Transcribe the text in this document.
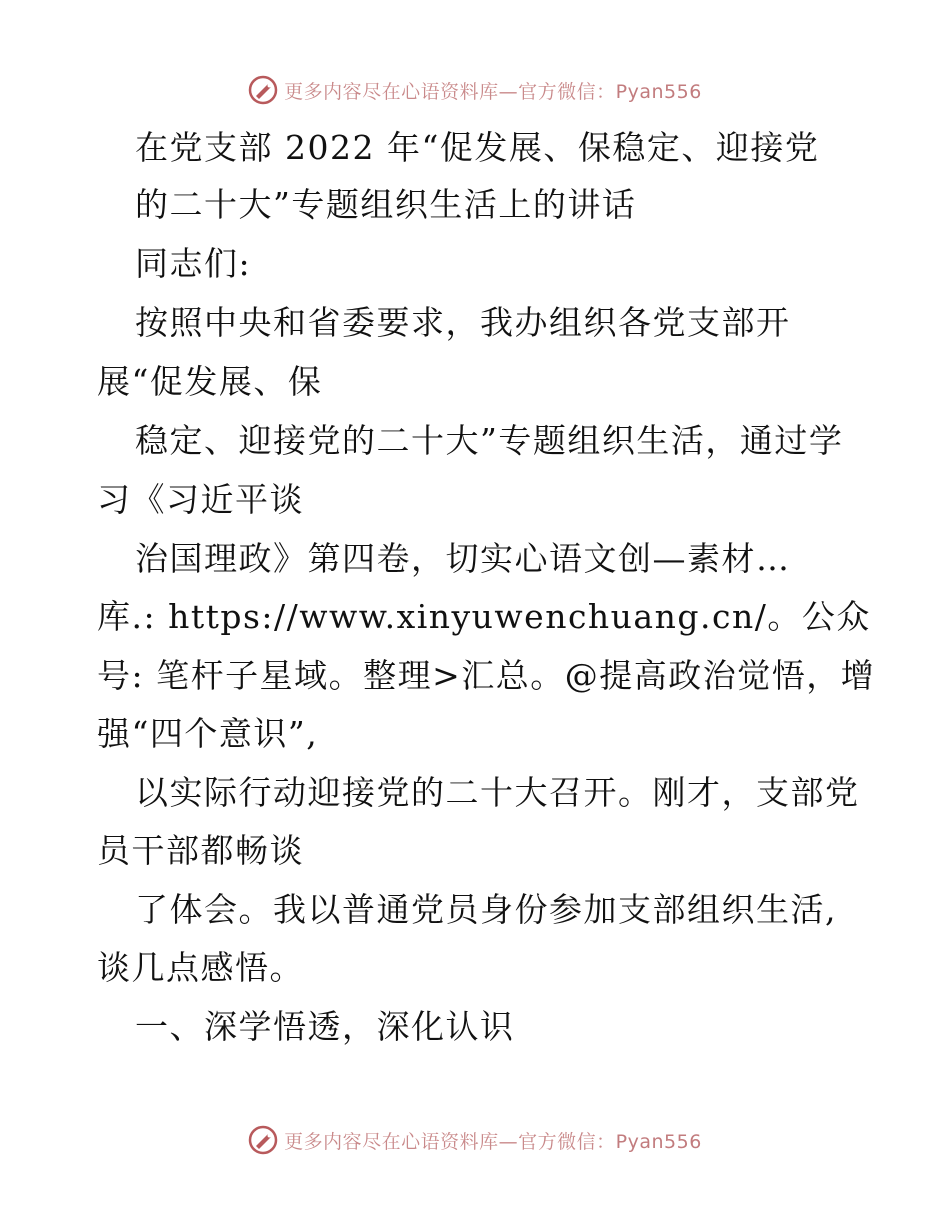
更多内容尽在心语资料库—官方微信：Pyan556
在党支部 2022 年“促发展、保稳定、迎接党
的二十大”专题组织生活上的讲话
同志们:
按照中央和省委要求，我办组织各党支部开
展“促发展、保
稳定、迎接党的二十大”专题组织生活，通过学
习《习近平谈
治国理政》第四卷，切实心语文创—素材…
库.: https://www.xinyuwenchuang.cn/。公众
号: 笔杆子星域。整理>汇总。@提高政治觉悟，增
强“四个意识”,
以实际行动迎接党的二十大召开。刚才，支部党
员干部都畅谈
了体会。我以普通党员身份参加支部组织生活,
谈几点感悟。
一、深学悟透，深化认识
更多内容尽在心语资料库—官方微信：Pyan556
